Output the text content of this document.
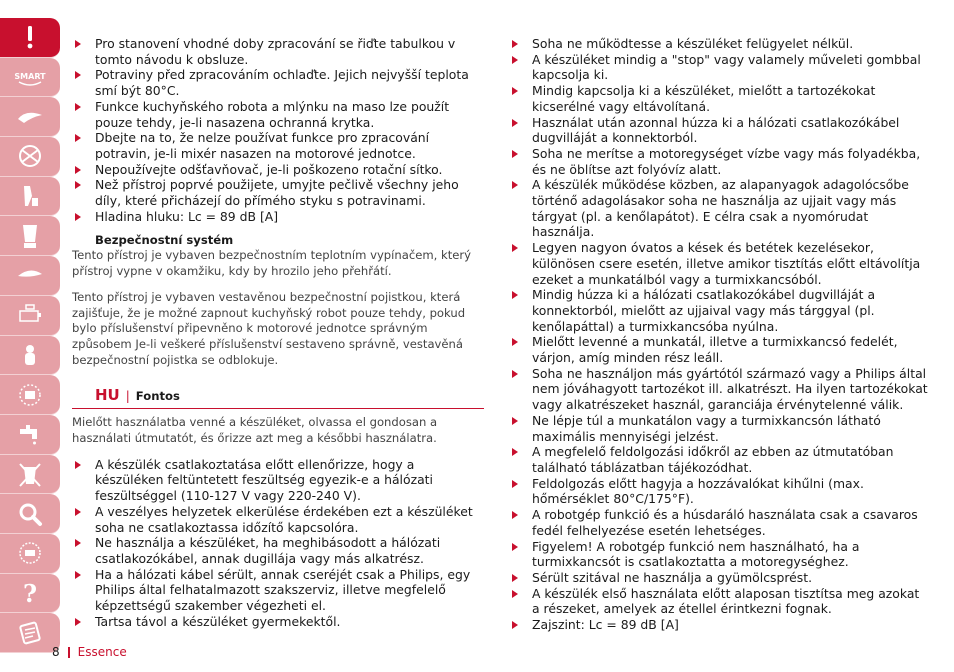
SMART
?
Pro stanovení vhodné doby zpracování se řiďte tabulkou v tomto návodu k obsluze.
Potraviny před zpracováním ochlaďte. Jejich nejvyšší teplota smí být 80°C.
Funkce kuchyňského robota a mlýnku na maso lze použít pouze tehdy, je-li nasazena ochranná krytka.
Dbejte na to, že nelze používat funkce pro zpracování potravin, je-li mixér nasazen na motorové jednotce.
Nepoužívejte odšťavňovač, je-li poškozeno rotační sítko.
Než přístroj poprvé použijete, umyjte pečlivě všechny jeho díly, které přicházejí do přímého styku s potravinami.
Hladina hluku: Lc = 89 dB [A]
Bezpečnostní systém

Tento přístroj je vybaven bezpečnostním teplotním vypínačem, který přístroj vypne v okamžiku, kdy by hrozilo jeho přehřátí.

Tento přístroj je vybaven vestavěnou bezpečnostní pojistkou, která zajišťuje, že je možné zapnout kuchyňský robot pouze tehdy, pokud bylo příslušenství připevněno k motorové jednotce správným způsobem Je-li veškeré příslušenství sestaveno správně, vestavěná bezpečnostní pojistka se odblokuje.

HU | Fontos

Mielőtt használatba venné a készüléket, olvassa el gondosan a használati útmutatót, és őrizze azt meg a későbbi használatra.

A készülék csatlakoztatása előtt ellenőrizze, hogy a készüléken feltüntetett feszültség egyezik-e a hálózati feszültséggel (110-127 V vagy 220-240 V).
A veszélyes helyzetek elkerülése érdekében ezt a készüléket soha ne csatlakoztassa időzítő kapcsolóra.
Ne használja a készüléket, ha meghibásodott a hálózati csatlakozókábel, annak dugillája vagy más alkatrész.
Ha a hálózati kábel sérült, annak cseréjét csak a Philips, egy Philips által felhatalmazott szakszerviz, illetve megfelelő képzettségű szakember végezheti el.
Tartsa távol a készüléket gyermekektől.
Soha ne működtesse a készüléket felügyelet nélkül.
A készüléket mindig a "stop" vagy valamely műveleti gombbal kapcsolja ki.
Mindig kapcsolja ki a készüléket, mielőtt a tartozékokat kicserélné vagy eltávolítaná.
Használat után azonnal húzza ki a hálózati csatlakozókábel dugvilláját a konnektorból.
Soha ne merítse a motoregységet vízbe vagy más folyadékba, és ne öblítse azt folyóvíz alatt.
A készülék működése közben, az alapanyagok adagolócsőbe történő adagolásakor soha ne használja az ujjait vagy más tárgyat (pl. a kenőlapátot). E célra csak a nyomórudat használja.
Legyen nagyon óvatos a kések és betétek kezelésekor, különösen csere esetén, illetve amikor tisztítás előtt eltávolítja ezeket a munkatálból vagy a turmixkancsóból.
Mindig húzza ki a hálózati csatlakozókábel dugvilláját a konnektorból, mielőtt az ujjaival vagy más tárggyal (pl. kenőlapáttal) a turmixkancsóba nyúlna.
Mielőtt levenné a munkatál, illetve a turmixkancsó fedelét, várjon, amíg minden rész leáll.
Soha ne használjon más gyártótól származó vagy a Philips által nem jóváhagyott tartozékot ill. alkatrészt. Ha ilyen tartozékokat vagy alkatrészeket használ, garanciája érvénytelenné válik.
Ne lépje túl a munkatálon vagy a turmixkancsón látható maximális mennyiségi jelzést.
A megfelelő feldolgozási időkről az ebben az útmutatóban található táblázatban tájékozódhat.
Feldolgozás előtt hagyja a hozzávalókat kihűlni (max. hőmérséklet 80°C/175°F).
A robotgép funkció és a húsdaráló használata csak a csavaros fedél felhelyezése esetén lehetséges.
Figyelem! A robotgép funkció nem használható, ha a turmixkancsót is csatlakoztatta a motoregységhez.
Sérült szitával ne használja a gyümölcsprést.
A készülék első használata előtt alaposan tisztítsa meg azokat a részeket, amelyek az étellel érintkezni fognak.
Zajszint: Lc = 89 dB [A]
8 Essence
